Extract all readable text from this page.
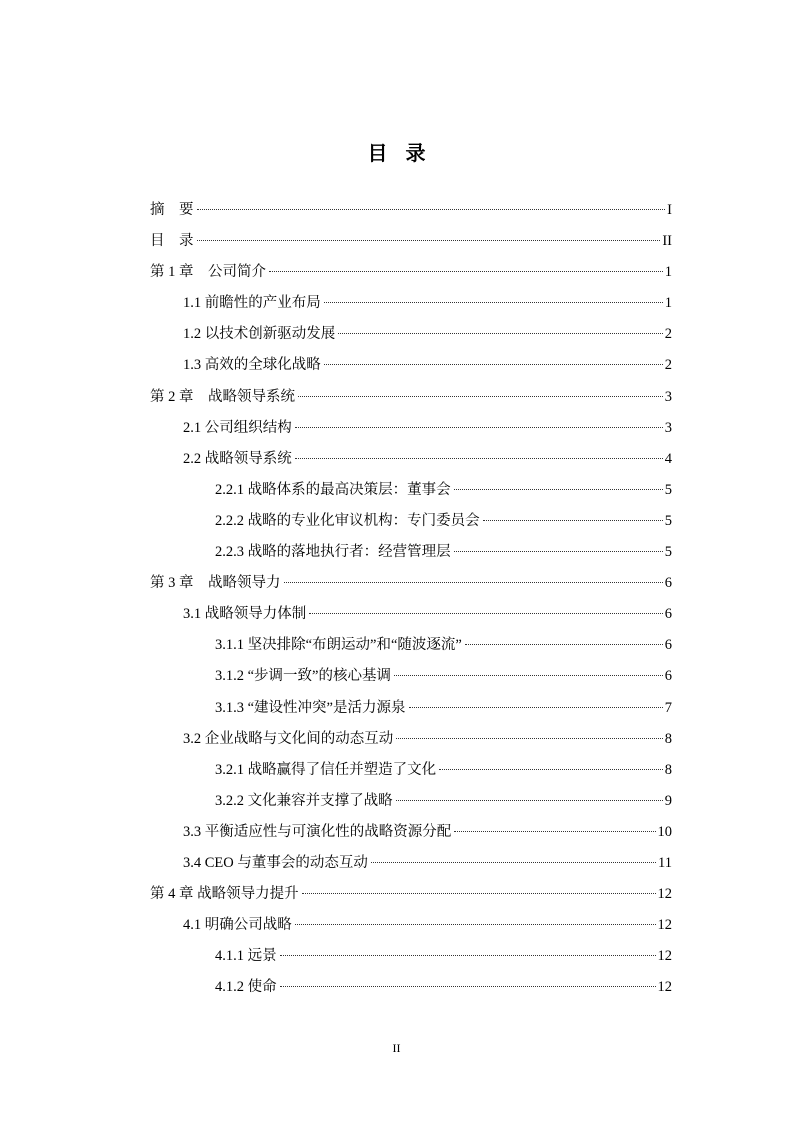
目录
摘　要	I
目　录	II
第 1 章　公司简介	1
1.1 前瞻性的产业布局	1
1.2 以技术创新驱动发展	2
1.3 高效的全球化战略	2
第 2 章　战略领导系统	3
2.1 公司组织结构	3
2.2 战略领导系统	4
2.2.1 战略体系的最高决策层：董事会	5
2.2.2 战略的专业化审议机构：专门委员会	5
2.2.3 战略的落地执行者：经营管理层	5
第 3 章　战略领导力	6
3.1 战略领导力体制	6
3.1.1 坚决排除“布朗运动”和“随波逐流”	6
3.1.2 “步调一致”的核心基调	6
3.1.3 “建设性冲突”是活力源泉	7
3.2 企业战略与文化间的动态互动	8
3.2.1 战略赢得了信任并塑造了文化	8
3.2.2 文化兼容并支撑了战略	9
3.3 平衡适应性与可演化性的战略资源分配	10
3.4 CEO 与董事会的动态互动	11
第 4 章 战略领导力提升	12
4.1 明确公司战略	12
4.1.1 远景	12
4.1.2 使命	12
II
